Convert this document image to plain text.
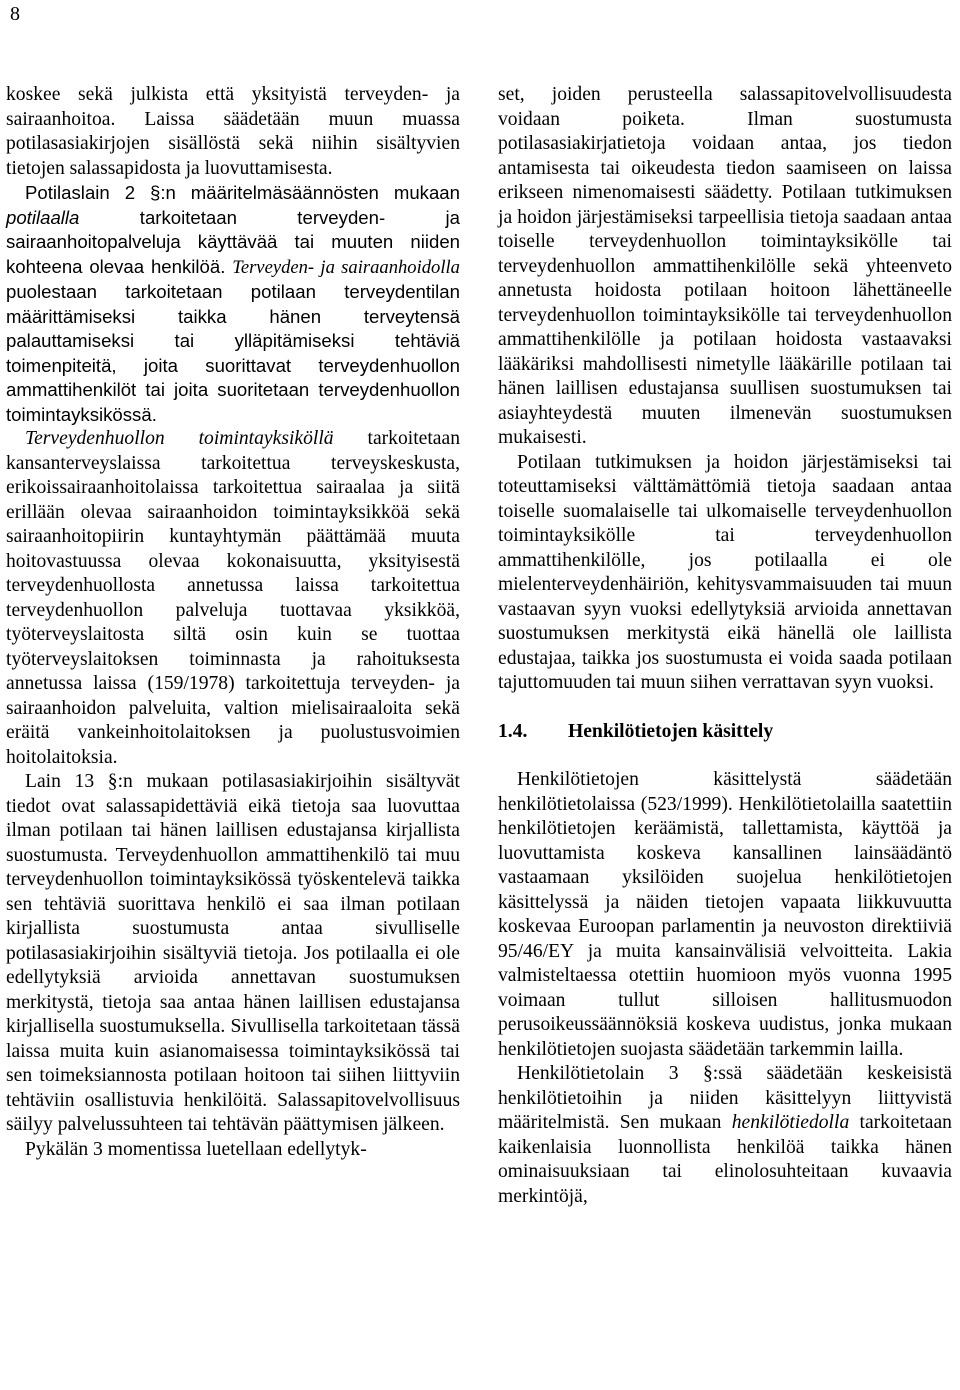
8

koskee sekä julkista että yksityistä terveyden- ja sairaanhoitoa. Laissa säädetään muun muassa potilasasiakirjojen sisällöstä sekä niihin sisältyvien tietojen salassapidosta ja luovuttamisesta.

Potilaslain 2 §:n määritelmäsäännösten mukaan potilaalla tarkoitetaan terveyden- ja sairaanhoitopalveluja käyttävää tai muuten niiden kohteena olevaa henkilöä. Terveyden- ja sairaanhoidolla puolestaan tarkoitetaan potilaan terveydentilan määrittämiseksi taikka hänen terveytensä palauttamiseksi tai ylläpitämiseksi tehtäviä toimenpiteitä, joita suorittavat terveydenhuollon ammattihenkilöt tai joita suoritetaan terveydenhuollon toimintayksikössä.

Terveydenhuollon toimintayksiköllä tarkoitetaan kansanterveyslaissa tarkoitettua terveyskeskusta, erikoissairaanhoitolaissa tarkoitettua sairaalaa ja siitä erillään olevaa sairaanhoidon toimintayksikköä sekä sairaanhoitopiirin kuntayhtymän päättämää muuta hoitovastuussa olevaa kokonaisuutta, yksityisestä terveydenhuollosta annetussa laissa tarkoitettua terveydenhuollon palveluja tuottavaa yksikköä, työterveyslaitosta siltä osin kuin se tuottaa työterveyslaitoksen toiminnasta ja rahoituksesta annetussa laissa (159/1978) tarkoitettuja terveyden- ja sairaanhoidon palveluita, valtion mielisairaaloita sekä eräitä vankeinhoitolaitoksen ja puolustusvoimien hoitolaitoksia.

Lain 13 §:n mukaan potilasasiakirjoihin sisältyvät tiedot ovat salassapidettäviä eikä tietoja saa luovuttaa ilman potilaan tai hänen laillisen edustajansa kirjallista suostumusta. Terveydenhuollon ammattihenkilö tai muu terveydenhuollon toimintayksikössä työskentelevä taikka sen tehtäviä suorittava henkilö ei saa ilman potilaan kirjallista suostumusta antaa sivulliselle potilasasiakirjoihin sisältyviä tietoja. Jos potilaalla ei ole edellytyksiä arvioida annettavan suostumuksen merkitystä, tietoja saa antaa hänen laillisen edustajansa kirjallisella suostumuksella. Sivullisella tarkoitetaan tässä laissa muita kuin asianomaisessa toimintayksikössä tai sen toimeksiannosta potilaan hoitoon tai siihen liittyviin tehtäviin osallistuvia henkilöitä. Salassapitovelvollisuus säilyy palvelussuhteen tai tehtävän päättymisen jälkeen.

Pykälän 3 momentissa luetellaan edellytyk-

set, joiden perusteella salassapitovelvollisuudesta voidaan poiketa. Ilman suostumusta potilasasiakirjatietoja voidaan antaa, jos tiedon antamisesta tai oikeudesta tiedon saamiseen on laissa erikseen nimenomaisesti säädetty. Potilaan tutkimuksen ja hoidon järjestämiseksi tarpeellisia tietoja saadaan antaa toiselle terveydenhuollon toimintayksikölle tai terveydenhuollon ammattihenkilölle sekä yhteenveto annetusta hoidosta potilaan hoitoon lähettäneelle terveydenhuollon toimintayksikölle tai terveydenhuollon ammattihenkilölle ja potilaan hoidosta vastaavaksi lääkäriksi mahdollisesti nimetylle lääkärille potilaan tai hänen laillisen edustajansa suullisen suostumuksen tai asiayhteydestä muuten ilmenevän suostumuksen mukaisesti.

Potilaan tutkimuksen ja hoidon järjestämiseksi tai toteuttamiseksi välttämättömiä tietoja saadaan antaa toiselle suomalaiselle tai ulkomaiselle terveydenhuollon toimintayksikölle tai terveydenhuollon ammattihenkilölle, jos potilaalla ei ole mielenterveydenhäiriön, kehitysvammaisuuden tai muun vastaavan syyn vuoksi edellytyksiä arvioida annettavan suostumuksen merkitystä eikä hänellä ole laillista edustajaa, taikka jos suostumusta ei voida saada potilaan tajuttomuuden tai muun siihen verrattavan syyn vuoksi.

1.4.	Henkilötietojen käsittely

Henkilötietojen käsittelystä säädetään henkilötietolaissa (523/1999). Henkilötietolailla saatettiin henkilötietojen keräämistä, tallettamista, käyttöä ja luovuttamista koskeva kansallinen lainsäädäntö vastaamaan yksilöiden suojelua henkilötietojen käsittelyssä ja näiden tietojen vapaata liikkuvuutta koskevaa Euroopan parlamentin ja neuvoston direktiiviä 95/46/EY ja muita kansainvälisiä velvoitteita. Lakia valmisteltaessa otettiin huomioon myös vuonna 1995 voimaan tullut silloisen hallitusmuodon perusoikeussäännöksiä koskeva uudistus, jonka mukaan henkilötietojen suojasta säädetään tarkemmin lailla.

Henkilötietolain 3 §:ssä säädetään keskeisistä henkilötietoihin ja niiden käsittelyyn liittyvistä määritelmistä. Sen mukaan henkilötiedolla tarkoitetaan kaikenlaisia luonnollista henkilöä taikka hänen ominaisuuksiaan tai elinolosuhteitaan kuvaavia merkintöjä,
